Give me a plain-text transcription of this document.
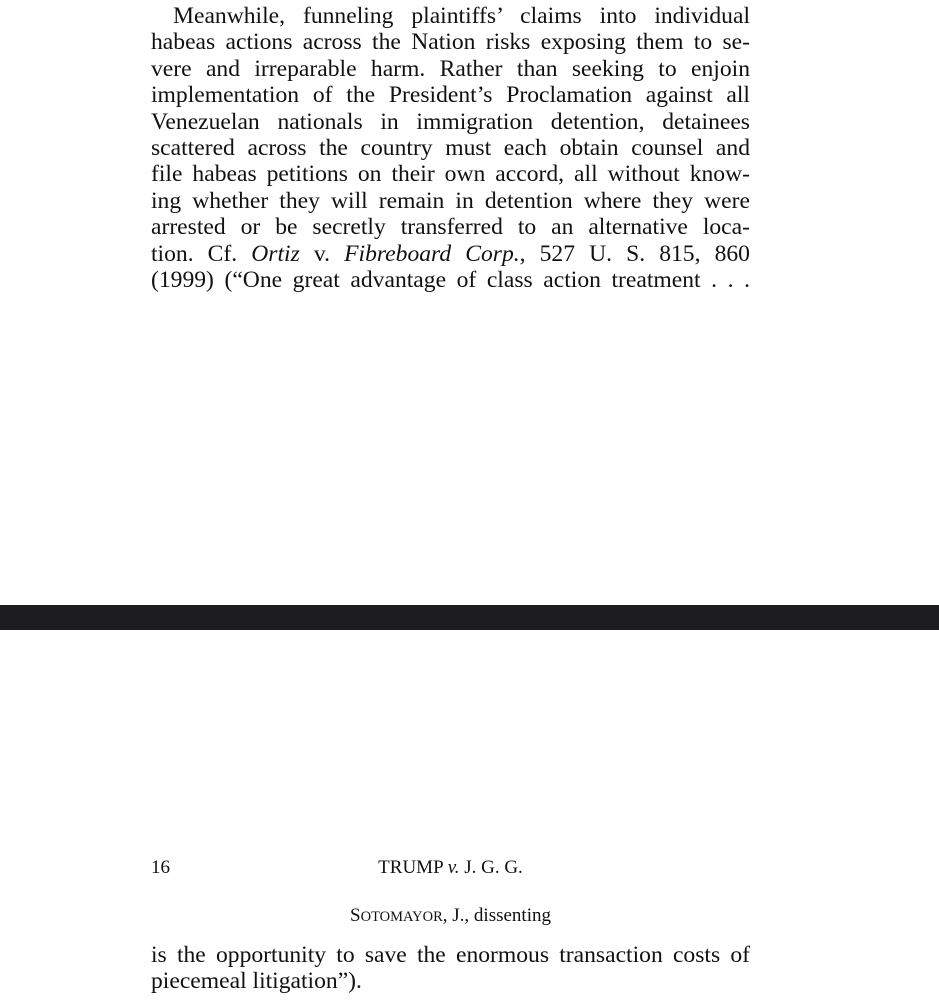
Meanwhile, funneling plaintiffs’ claims into individual
habeas actions across the Nation risks exposing them to se-
vere and irreparable harm. Rather than seeking to enjoin
implementation of the President’s Proclamation against all
Venezuelan nationals in immigration detention, detainees
scattered across the country must each obtain counsel and
file habeas petitions on their own accord, all without know-
ing whether they will remain in detention where they were
arrested or be secretly transferred to an alternative loca-
tion. Cf. Ortiz v. Fibreboard Corp., 527 U. S. 815, 860
(1999) (“One great advantage of class action treatment . . .
16	TRUMP v. J. G. G.
SOTOMAYOR, J., dissenting
is the opportunity to save the enormous transaction costs of
piecemeal litigation”).
